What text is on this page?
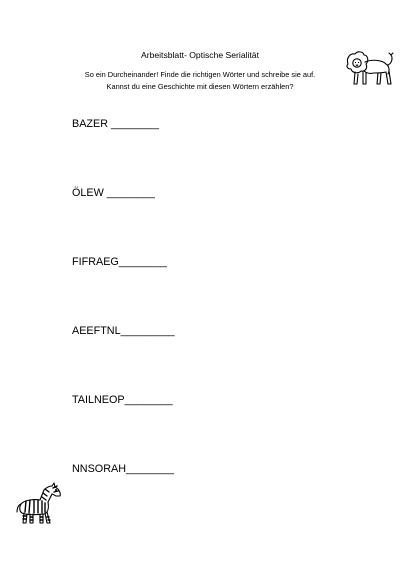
Arbeitsblatt- Optische Serialität
So ein Durcheinander! Finde die richtigen Wörter und schreibe sie auf.
Kannst du eine Geschichte mit diesen Wörtern erzählen?
BAZER ________
ÖLEW ________
FIFRAEG________
AEEFTNL_________
TAILNEOP________
NNSORAH________
